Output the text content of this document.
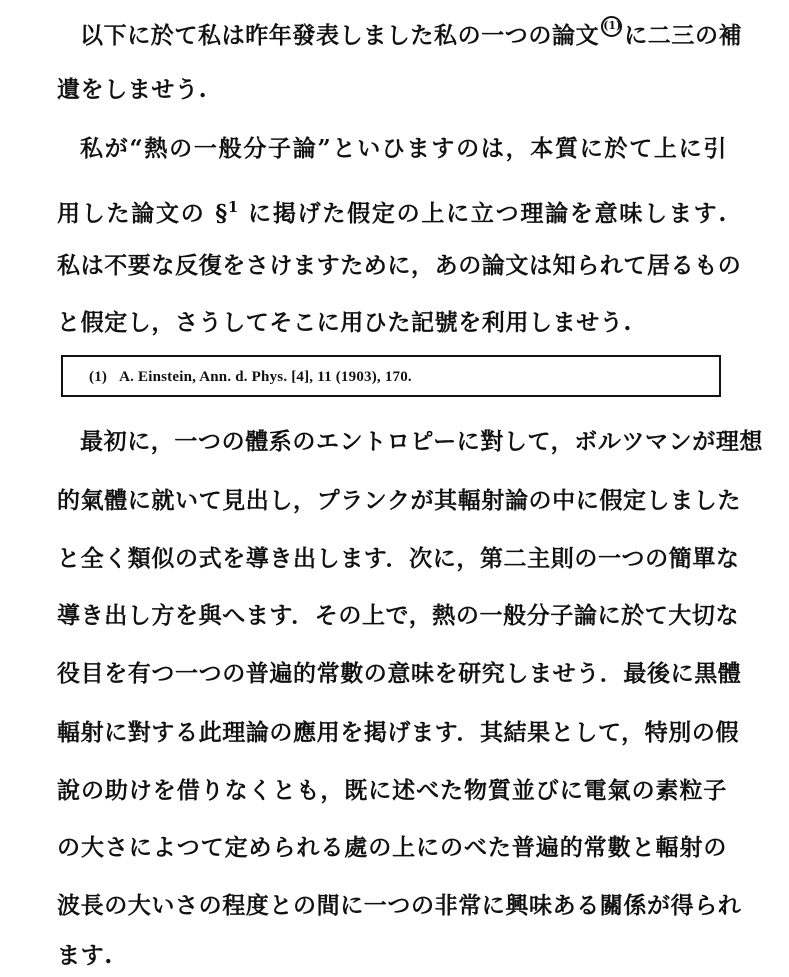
以下に於て私は昨年發表しました私の一つの論文 (1) に二三の補
遺をしませう.
私が“熱の一般分子論”といひますのは，本質に於て上に引
用した論文の §$^1$ に掲げた假定の上に立つ理論を意味します.
私は不要な反復をさけますために，あの論文は知られて居るもの
と假定し，さうしてそこに用ひた記號を利用しませう.
(1) A. Einstein, Ann. d. Phys. [4], 11 (1903), 170.
最初に，一つの體系のエントロピーに對して，ボルツマンが理想
的氣體に就いて見出し，プランクが其輻射論の中に假定しました
と全く類似の式を導き出します．次に，第二主則の一つの簡單な
導き出し方を與へます．その上で，熱の一般分子論に於て大切な
役目を有つ一つの普遍的常數の意味を研究しませう．最後に黒體
輻射に對する此理論の應用を掲げます．其結果として，特別の假
說の助けを借りなくとも，既に述べた物質並びに電氣の素粒子
の大さによつて定められる處の上にのべた普遍的常數と輻射の
波長の大いさの程度との間に一つの非常に興味ある關係が得られ
ます.
